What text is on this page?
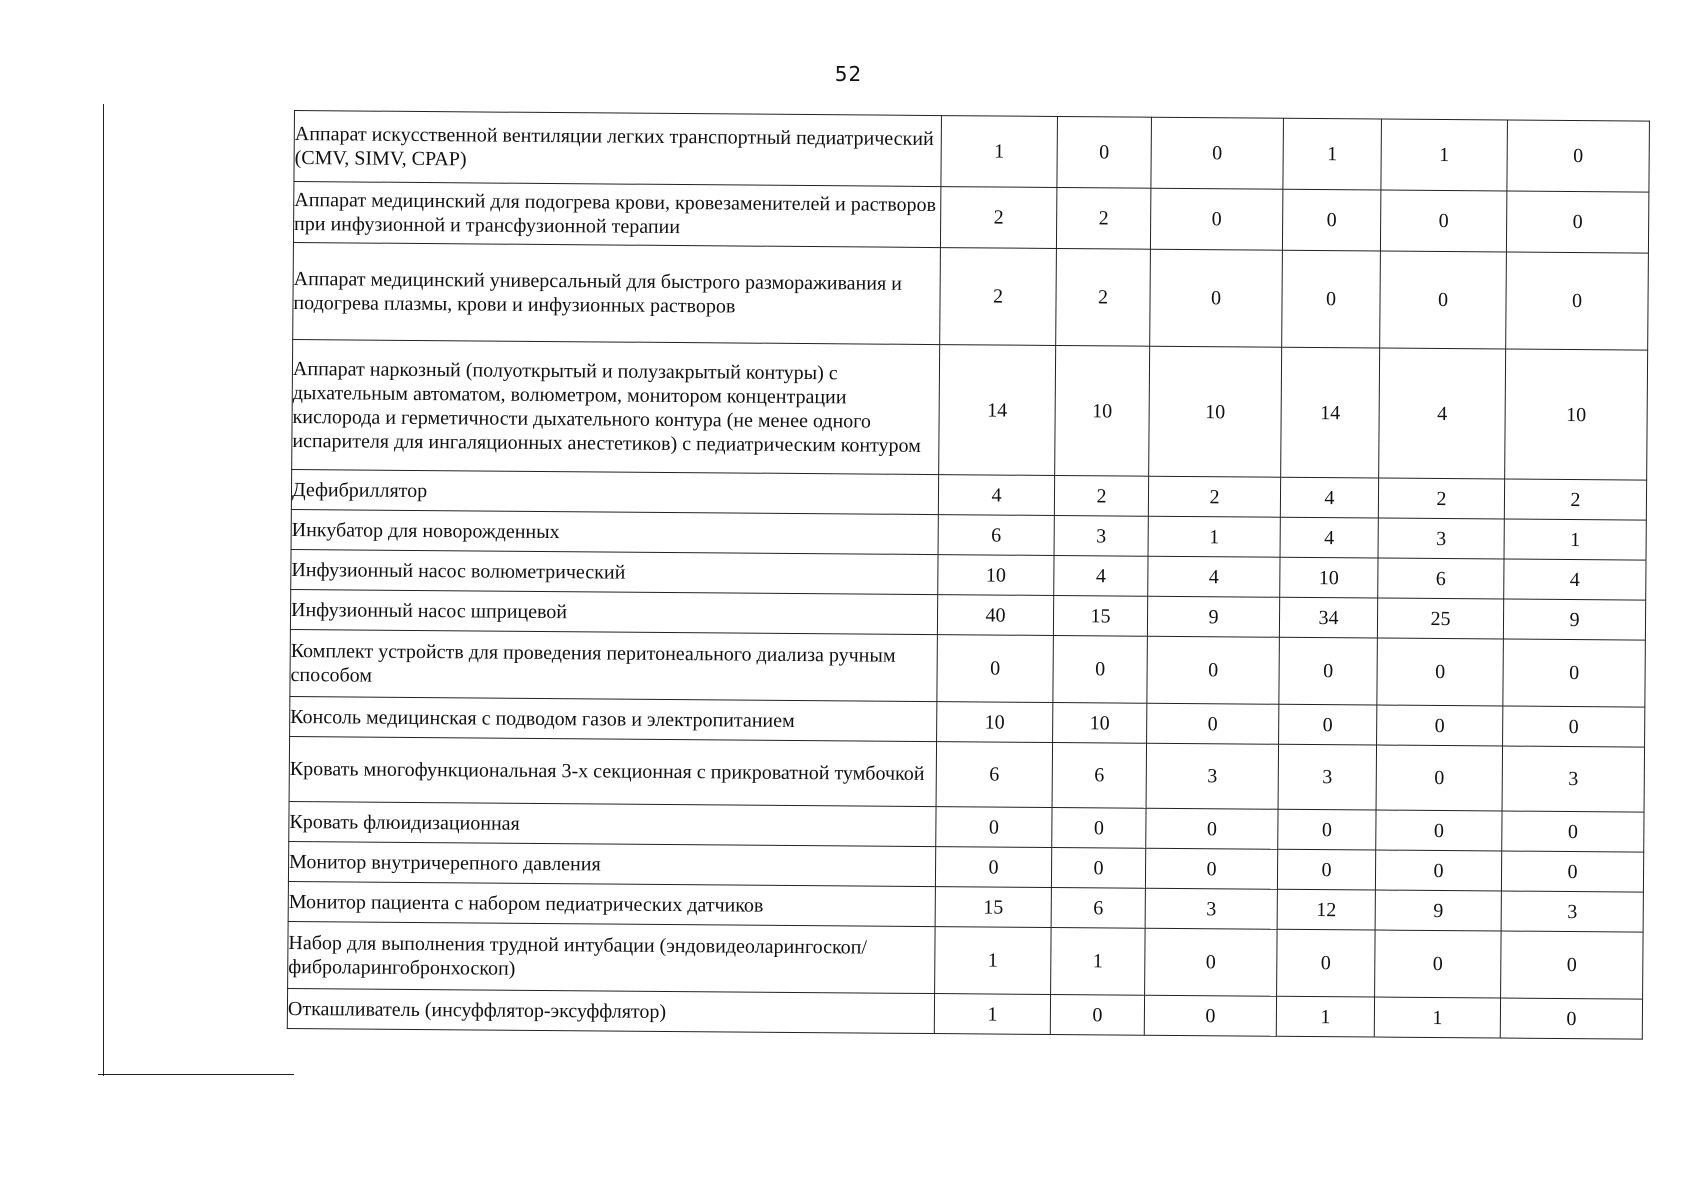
52
Аппарат искусственной вентиляции легких транспортный педиатрический (CMV, SIMV, CPAP)	1	0	0	1	1	0
Аппарат медицинский для подогрева крови, кровезаменителей и растворов при инфузионной и трансфузионной терапии	2	2	0	0	0	0
Аппарат медицинский универсальный для быстрого размораживания и подогрева плазмы, крови и инфузионных растворов	2	2	0	0	0	0
Аппарат наркозный (полуоткрытый и полузакрытый контуры) с дыхательным автоматом, волюметром, монитором концентрации кислорода и герметичности дыхательного контура (не менее одного испарителя для ингаляционных анестетиков) с педиатрическим контуром	14	10	10	14	4	10
Дефибриллятор	4	2	2	4	2	2
Инкубатор для новорожденных	6	3	1	4	3	1
Инфузионный насос волюметрический	10	4	4	10	6	4
Инфузионный насос шприцевой	40	15	9	34	25	9
Комплект устройств для проведения перитонеального диализа ручным способом	0	0	0	0	0	0
Консоль медицинская с подводом газов и электропитанием	10	10	0	0	0	0
Кровать многофункциональная 3-х секционная с прикроватной тумбочкой	6	6	3	3	0	3
Кровать флюидизационная	0	0	0	0	0	0
Монитор внутричерепного давления	0	0	0	0	0	0
Монитор пациента с набором педиатрических датчиков	15	6	3	12	9	3
Набор для выполнения трудной интубации (эндовидеоларингоскоп/фиброларингобронхоскоп)	1	1	0	0	0	0
Откашливатель (инсуффлятор-эксуффлятор)	1	0	0	1	1	0
